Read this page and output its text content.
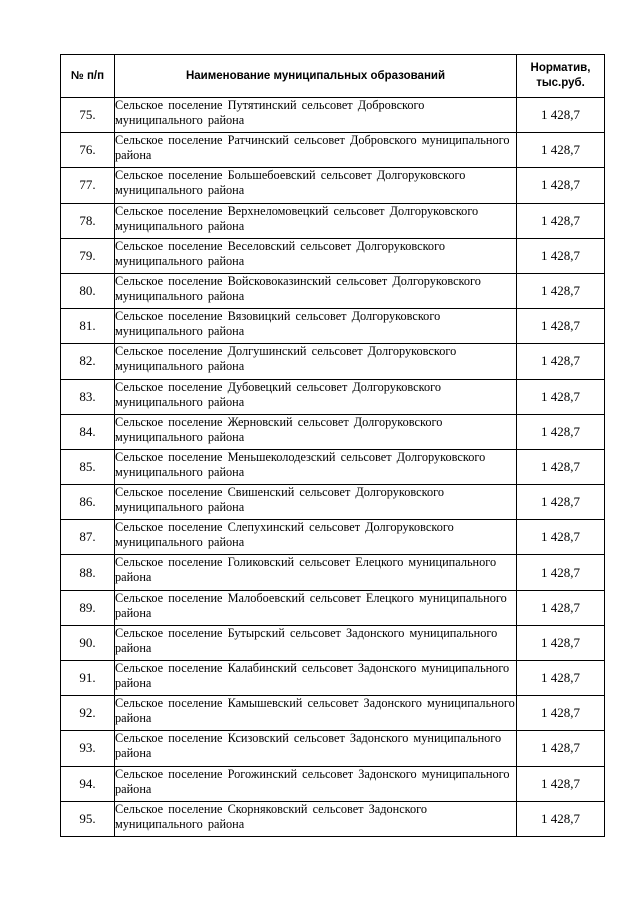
№ п/п	Наименование муниципальных образований	Норматив,
тыс.руб.
75.	Сельское поселение Путятинский сельсовет Добровского муниципального района	1 428,7
76.	Сельское поселение Ратчинский сельсовет Добровского муниципального района	1 428,7
77.	Сельское поселение Большебоевский сельсовет Долгоруковского муниципального района	1 428,7
78.	Сельское поселение Верхнеломовецкий сельсовет Долгоруковского муниципального района	1 428,7
79.	Сельское поселение Веселовский сельсовет Долгоруковского муниципального района	1 428,7
80.	Сельское поселение Войсковоказинский сельсовет Долгоруковского муниципального района	1 428,7
81.	Сельское поселение Вязовицкий сельсовет Долгоруковского муниципального района	1 428,7
82.	Сельское поселение Долгушинский сельсовет Долгоруковского муниципального района	1 428,7
83.	Сельское поселение Дубовецкий сельсовет Долгоруковского муниципального района	1 428,7
84.	Сельское поселение Жерновский сельсовет Долгоруковского муниципального района	1 428,7
85.	Сельское поселение Меньшеколодезский сельсовет Долгоруковского муниципального района	1 428,7
86.	Сельское поселение Свишенский сельсовет Долгоруковского муниципального района	1 428,7
87.	Сельское поселение Слепухинский сельсовет Долгоруковского муниципального района	1 428,7
88.	Сельское поселение Голиковский сельсовет Елецкого муниципального района	1 428,7
89.	Сельское поселение Малобоевский сельсовет Елецкого муниципального района	1 428,7
90.	Сельское поселение Бутырский сельсовет Задонского муниципального района	1 428,7
91.	Сельское поселение Калабинский сельсовет Задонского муниципального района	1 428,7
92.	Сельское поселение Камышевский сельсовет Задонского муниципального района	1 428,7
93.	Сельское поселение Ксизовский сельсовет Задонского муниципального района	1 428,7
94.	Сельское поселение Рогожинский сельсовет Задонского муниципального района	1 428,7
95.	Сельское поселение Скорняковский сельсовет Задонского муниципального района	1 428,7
